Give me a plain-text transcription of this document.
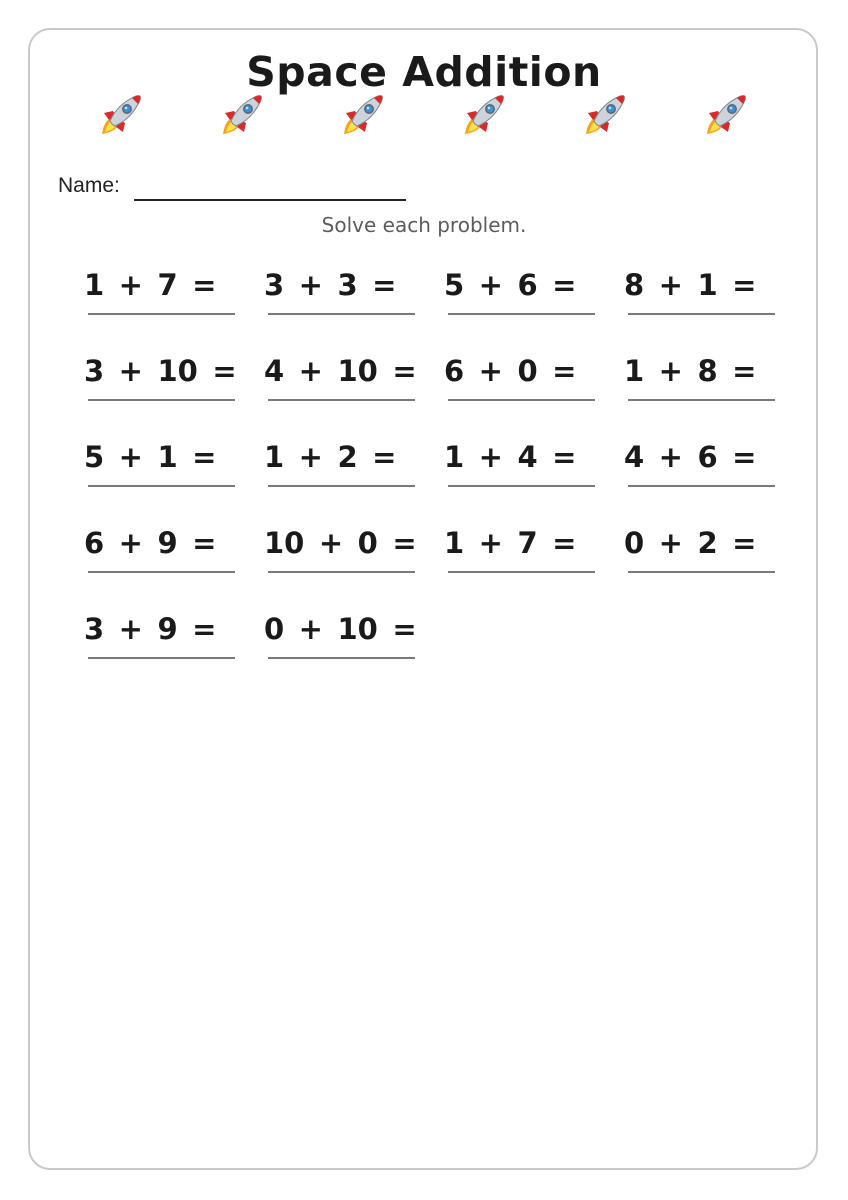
Space Addition
Name:
Solve each problem.
1 + 7 = 3 + 3 = 5 + 6 = 8 + 1 =
3 + 10 = 4 + 10 = 6 + 0 = 1 + 8 =
5 + 1 = 1 + 2 = 1 + 4 = 4 + 6 =
6 + 9 = 10 + 0 = 1 + 7 = 0 + 2 =
3 + 9 = 0 + 10 =
